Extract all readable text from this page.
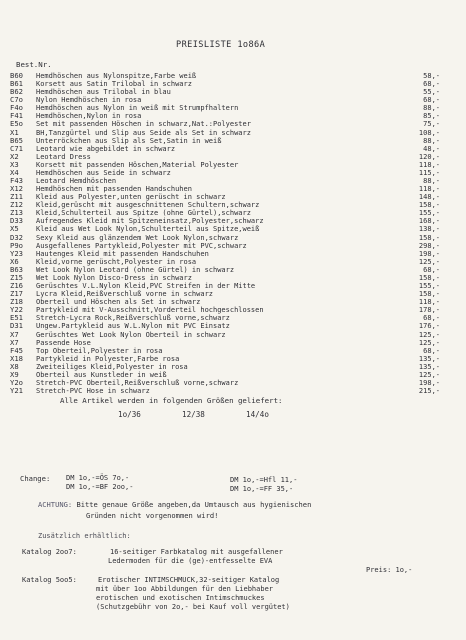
PREISLISTE 1o86A
Best.Nr.
B60	Hemdhöschen aus Nylonspitze,Farbe weiß	58,-
B61	Korsett aus Satin Trilobal in schwarz	68,-
B62	Hemdhöschen aus Trilobal in blau	55,-
C7o	Nylon Hemdhöschen in rosa	68,-
F4o	Hemdhöschen aus Nylon in weiß mit Strumpfhaltern	88,-
F41	Hemdhöschen,Nylon in rosa	85,-
E5o	Set mit passenden Höschen in schwarz,Nat.:Polyester	75,-
X1	BH,Tanzgürtel und Slip aus Seide als Set in schwarz	108,-
B65	Unterröckchen aus Slip als Set,Satin in weiß	88,-
C71	Leotard wie abgebildet in schwarz	48,-
X2	Leotard Dress	120,-
X3	Korsett mit passenden Höschen,Material Polyester	118,-
X4	Hemdhöschen aus Seide in schwarz	115,-
F43	Leotard Hemdhöschen	88,-
X12	Hemdhöschen mit passenden Handschuhen	118,-
Z11	Kleid aus Polyester,unten gerüscht in schwarz	148,-
Z12	Kleid,gerüscht mit ausgeschnittenen Schultern,schwarz	158,-
Z13	Kleid,Schulterteil aus Spitze (ohne Gürtel),schwarz	155,-
D33	Aufregendes Kleid mit Spitzeneinsatz,Polyester,schwarz	168,-
X5	Kleid aus Wet Look Nylon,Schulterteil aus Spitze,weiß	138,-
D32	Sexy Kleid aus glänzendem Wet Look Nylon,schwarz	158,-
P9o	Ausgefallenes Partykleid,Polyester mit PVC,schwarz	298,-
Y23	Hautenges Kleid mit passenden Handschuhen	198,-
X6	Kleid,vorne gerüscht,Polyester in rosa	125,-
B63	Wet Look Nylon Leotard (ohne Gürtel) in schwarz	68,-
Z15	Wet Look Nylon Disco-Dress in schwarz	158,-
Z16	Gerüschtes V.L.Nylon Kleid,PVC Streifen in der Mitte	155,-
Z17	Lycra Kleid,Reißverschluß vorne in schwarz	158,-
Z18	Oberteil und Höschen als Set in schwarz	118,-
Y22	Partykleid mit V-Ausschnitt,Vorderteil hochgeschlossen	178,-
E51	Stretch-Lycra Rock,Reißverschluß vorne,schwarz	68,-
D31	Ungew.Partykleid aus W.L.Nylon mit PVC Einsatz	176,-
X7	Gerüschtes Wet Look Nylon Oberteil in schwarz	125,-
X7	Passende Hose	125,-
F45	Top Oberteil,Polyester in rosa	68,-
X18	Partykleid in Polyester,Farbe rosa	135,-
X8	Zweiteiliges Kleid,Polyester in rosa	135,-
X9	Oberteil aus Kunstleder in weiß	125,-
Y2o	Stretch-PVC Oberteil,Reißverschluß vorne,schwarz	198,-
Y21	Stretch-PVC Hose in schwarz	215,-
Alle Artikel werden in folgenden Größen geliefert:
1o/36	12/38	14/4o
Change: DM 1o,-=ÖS 7o,-
DM 1o,-=BF 2oo,-
DM 1o,-=Hfl 11,-
DM 1o,-=FF 35,-
ACHTUNG: Bitte genaue Größe angeben,da Umtausch aus hygienischen
Gründen nicht vorgenommen wird!
Zusätzlich erhältlich:
Katalog 2oo7:	16-seitiger Farbkatalog mit ausgefallener
Ledermoden für die (ge)-entfesselte EVA
Preis: 1o,-
Katalog 5oo5:	Erotischer INTIMSCHMUCK,32-seitiger Katalog
mit über 1oo Abbildungen für den Liebhaber
erotischen und exotischen Intimschmuckes
(Schutzgebühr von 2o,- bei Kauf voll vergütet)
